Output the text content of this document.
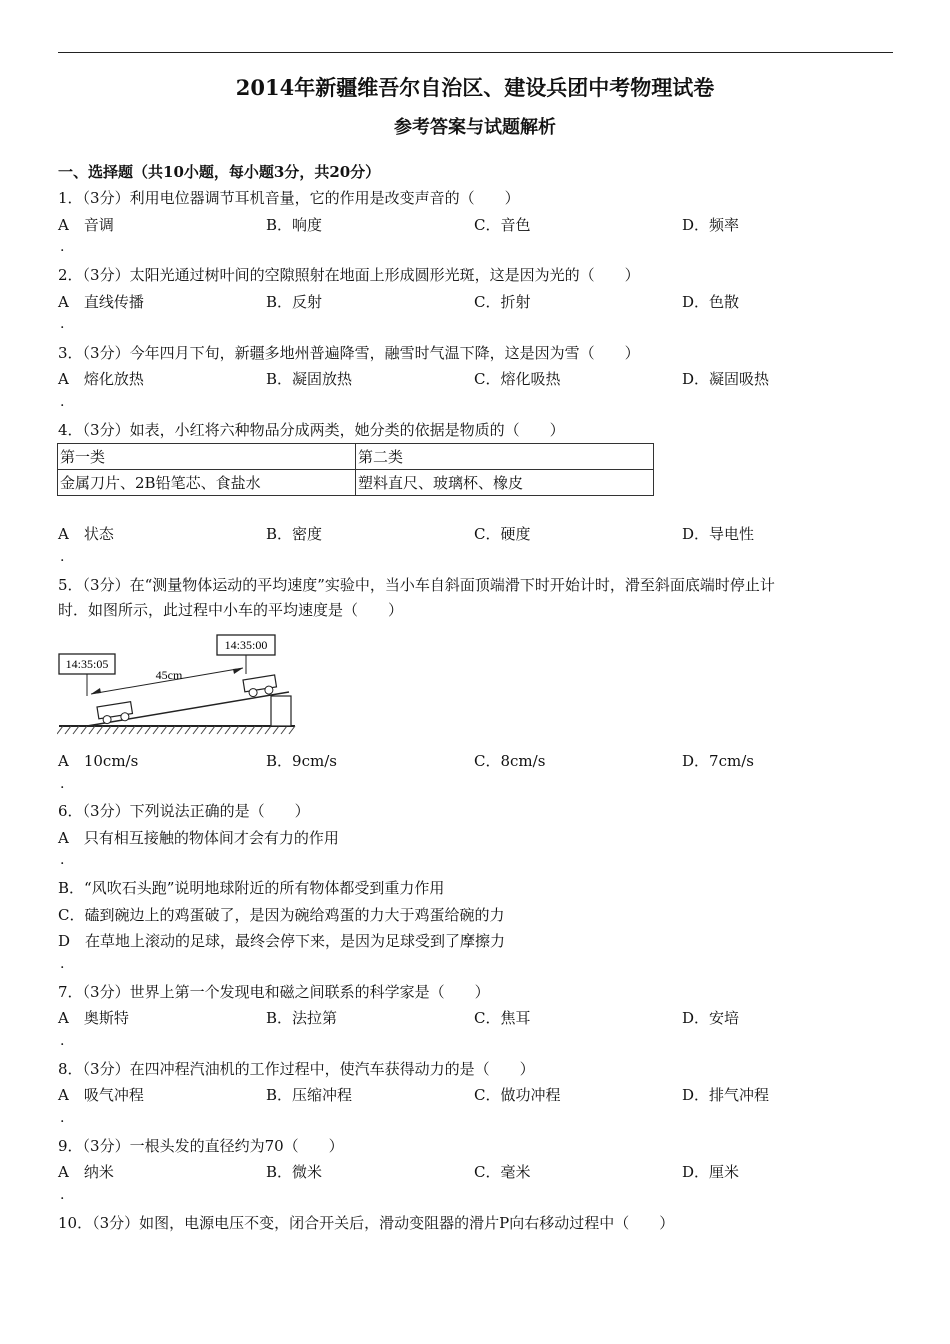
2014年新疆维吾尔自治区、建设兵团中考物理试卷
参考答案与试题解析
一、选择题（共10小题，每小题3分，共20分）
1．（3分）利用电位器调节耳机音量，它的作用是改变声音的（　　）
A　音调	B．响度	C．音色	D．频率
.
2．（3分）太阳光通过树叶间的空隙照射在地面上形成圆形光斑，这是因为光的（　　）
A　直线传播	B．反射	C．折射	D．色散
.
3．（3分）今年四月下旬，新疆多地州普遍降雪，融雪时气温下降，这是因为雪（　　）
A　熔化放热	B．凝固放热	C．熔化吸热	D．凝固吸热
.
4．（3分）如表，小红将六种物品分成两类，她分类的依据是物质的（　　）
第一类	第二类
金属刀片、2B铅笔芯、食盐水	塑料直尺、玻璃杯、橡皮
A　状态	B．密度	C．硬度	D．导电性
.
5．（3分）在“测量物体运动的平均速度”实验中，当小车自斜面顶端滑下时开始计时，滑至斜面底端时停止计
时．如图所示，此过程中小车的平均速度是（　　）
14:35:05
14:35:00
45cm
A　10cm/s	B．9cm/s	C．8cm/s	D．7cm/s
.
6．（3分）下列说法正确的是（　　）
A　只有相互接触的物体间才会有力的作用
.
B．“风吹石头跑”说明地球附近的所有物体都受到重力作用
C．磕到碗边上的鸡蛋破了，是因为碗给鸡蛋的力大于鸡蛋给碗的力
D　在草地上滚动的足球，最终会停下来，是因为足球受到了摩擦力
.
7．（3分）世界上第一个发现电和磁之间联系的科学家是（　　）
A　奥斯特	B．法拉第	C．焦耳	D．安培
.
8．（3分）在四冲程汽油机的工作过程中，使汽车获得动力的是（　　）
A　吸气冲程	B．压缩冲程	C．做功冲程	D．排气冲程
.
9．（3分）一根头发的直径约为70（　　）
A　纳米	B．微米	C．毫米	D．厘米
.
10．（3分）如图，电源电压不变，闭合开关后，滑动变阻器的滑片P向右移动过程中（　　）
